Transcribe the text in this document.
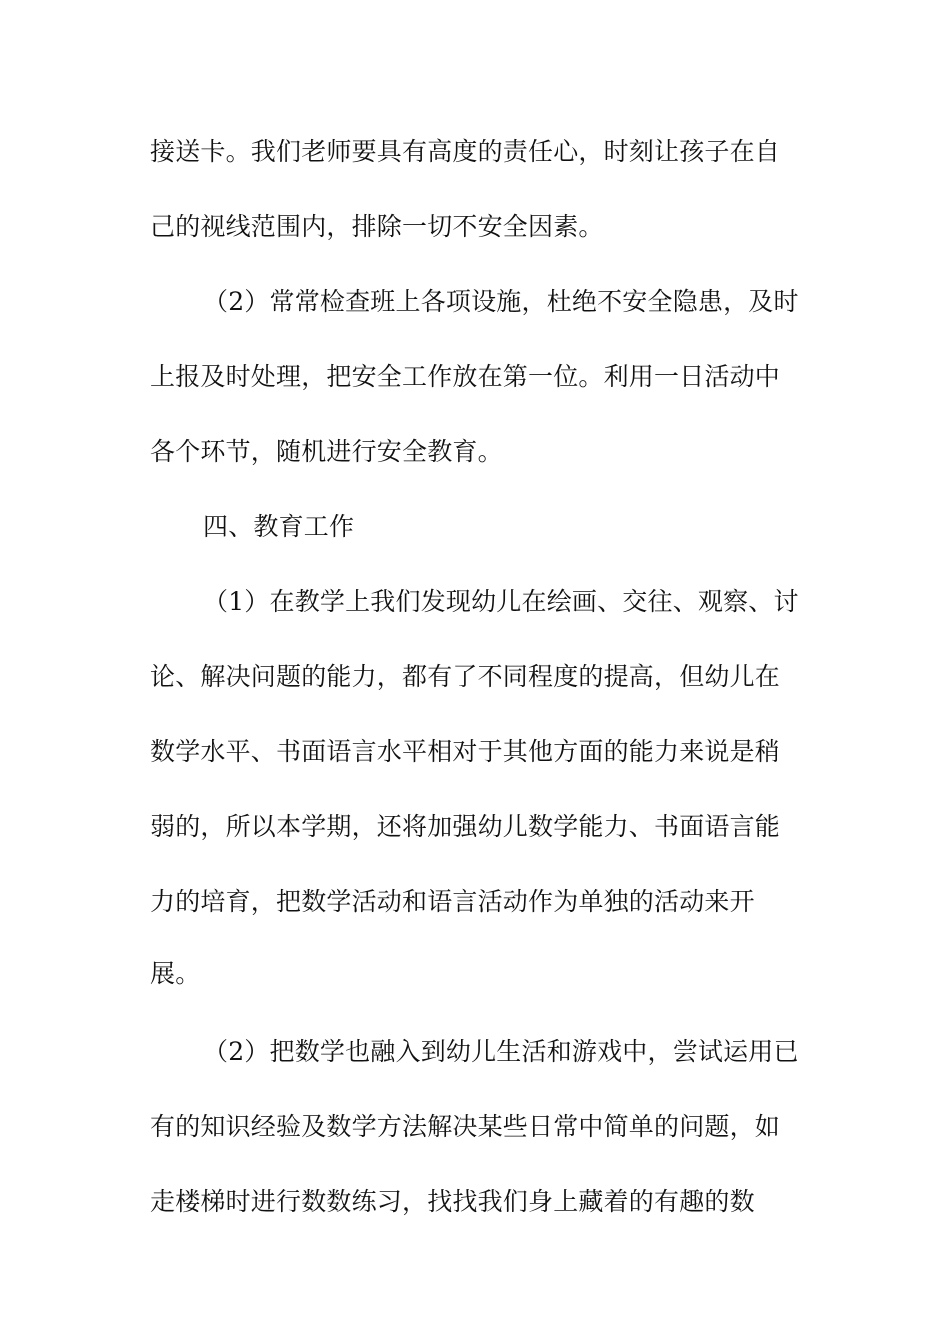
接送卡。我们老师要具有高度的责任心，时刻让孩子在自
己的视线范围内，排除一切不安全因素。
（2）常常检查班上各项设施，杜绝不安全隐患，及时
上报及时处理，把安全工作放在第一位。利用一日活动中
各个环节，随机进行安全教育。
四、教育工作
（1）在教学上我们发现幼儿在绘画、交往、观察、讨
论、解决问题的能力，都有了不同程度的提高，但幼儿在
数学水平、书面语言水平相对于其他方面的能力来说是稍
弱的，所以本学期，还将加强幼儿数学能力、书面语言能
力的培育，把数学活动和语言活动作为单独的活动来开
展。
（2）把数学也融入到幼儿生活和游戏中，尝试运用已
有的知识经验及数学方法解决某些日常中简单的问题，如
走楼梯时进行数数练习，找找我们身上藏着的有趣的数
